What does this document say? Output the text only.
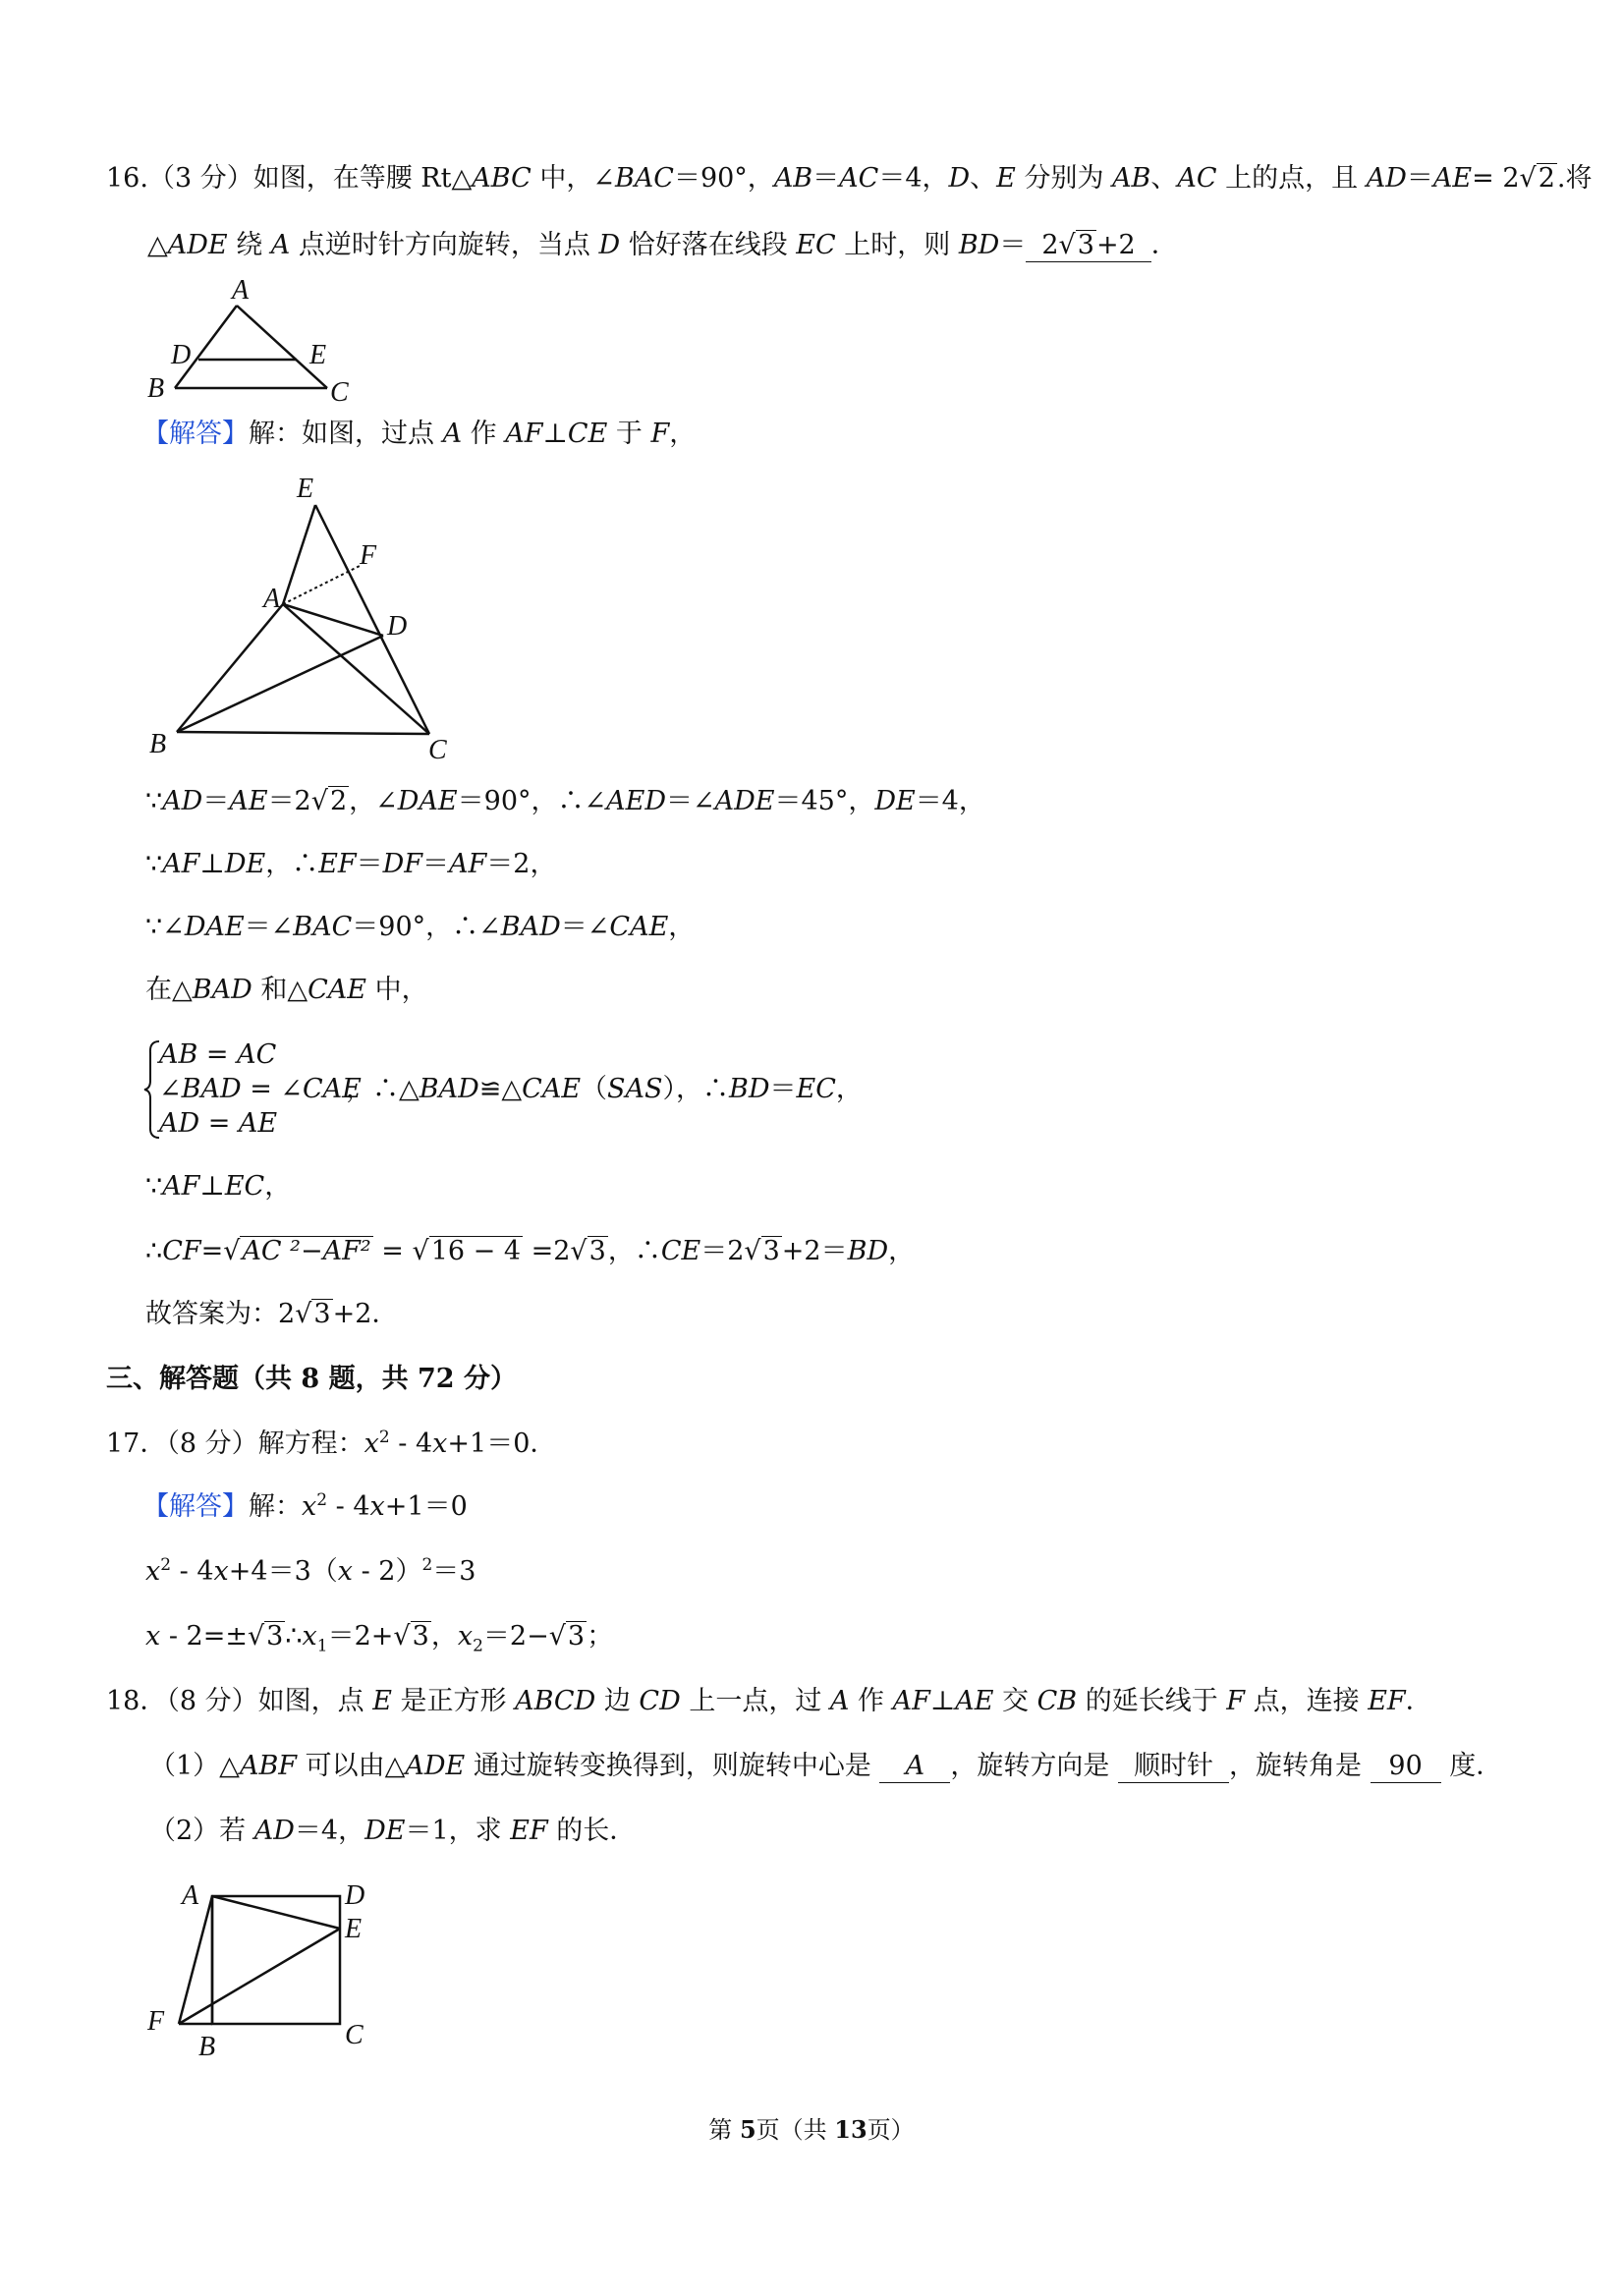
16.（3 分）如图，在等腰 Rt△ABC 中，∠BAC＝90°，AB＝AC＝4，D、E 分别为 AB、AC 上的点，且 AD＝AE= 2√2.将
△ADE 绕 A 点逆时针方向旋转，当点 D 恰好落在线段 EC 上时，则 BD＝ 2√3+2 ．
A
D	E
B	C
【解答】解：如图，过点 A 作 AF⊥CE 于 F，
E
F
A
D
B	C
∵AD＝AE＝2√2，∠DAE＝90°，∴∠AED＝∠ADE＝45°，DE＝4，
∵AF⊥DE，∴EF＝DF＝AF＝2，
∵∠DAE＝∠BAC＝90°，∴∠BAD＝∠CAE，
在△BAD 和△CAE 中，
AB = AC
∠BAD = ∠CAE
AD = AE
，∴△BAD≌△CAE（SAS），∴BD＝EC，
∵AF⊥EC，
∴CF=√AC ²−AF² = √16 − 4 =2√3，∴CE＝2√3+2＝BD，
故答案为：2√3+2．
三、解答题（共 8 题，共 72 分）
17．（8 分）解方程：$x^2 - 4x+1=0$．
【解答】解：$x^2 - 4x+1=0$
$x^2 - 4x+4=3(x - 2)^2=3$
$x - 2=\pm√3\therefore x_1=2+√3$，$x_2=2-√3$；
18．（8 分）如图，点 E 是正方形 ABCD 边 CD 上一点，过 A 作 AF⊥AE 交 CB 的延长线于 F 点，连接 EF．
（1）△ABF 可以由△ADE 通过旋转变换得到，则旋转中心是 A ，旋转方向是 顺时针 ，旋转角是 90 度．
（2）若 AD＝4，DE＝1，求 EF 的长．
A	D
E
F
B	C
第 5页（共 13页）
